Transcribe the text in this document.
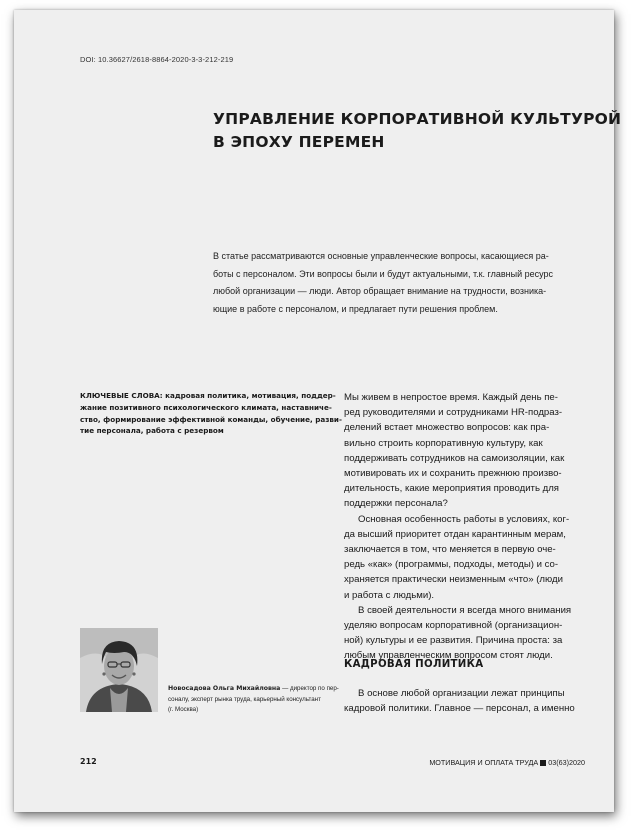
DOI: 10.36627/2618-8864-2020-3-3-212-219
УПРАВЛЕНИЕ КОРПОРАТИВНОЙ КУЛЬТУРОЙ
В ЭПОХУ ПЕРЕМЕН
В статье рассматриваются основные управленческие вопросы, касающиеся ра-
боты с персоналом. Эти вопросы были и будут актуальными, т.к. главный ресурс
любой организации — люди. Автор обращает внимание на трудности, возника-
ющие в работе с персоналом, и предлагает пути решения проблем.
КЛЮЧЕВЫЕ СЛОВА: кадровая политика, мотивация, поддер-
жание позитивного психологического климата, наставниче-
ство, формирование эффективной команды, обучение, разви-
тие персонала, работа с резервом
Мы живем в непростое время. Каждый день пе-
ред руководителями и сотрудниками HR-подраз-
делений встает множество вопросов: как пра-
вильно строить корпоративную культуру, как
поддерживать сотрудников на самоизоляции, как
мотивировать их и сохранить прежнюю произво-
дительность, какие мероприятия проводить для
поддержки персонала?
Основная особенность работы в условиях, ког-
да высший приоритет отдан карантинным мерам,
заключается в том, что меняется в первую оче-
редь «как» (программы, подходы, методы) и со-
храняется практически неизменным «что» (люди
и работа с людьми).
В своей деятельности я всегда много внимания
уделяю вопросам корпоративной (организацион-
ной) культуры и ее развития. Причина проста: за
любым управленческим вопросом стоят люди.
КАДРОВАЯ ПОЛИТИКА
В основе любой организации лежат принципы
кадровой политики. Главное — персонал, а именно
Новосадова Ольга Михайловна — директор по пер-
соналу, эксперт рынка труда, карьерный консультант
(г. Москва)
212	МОТИВАЦИЯ И ОПЛАТА ТРУДА 03(63)2020
